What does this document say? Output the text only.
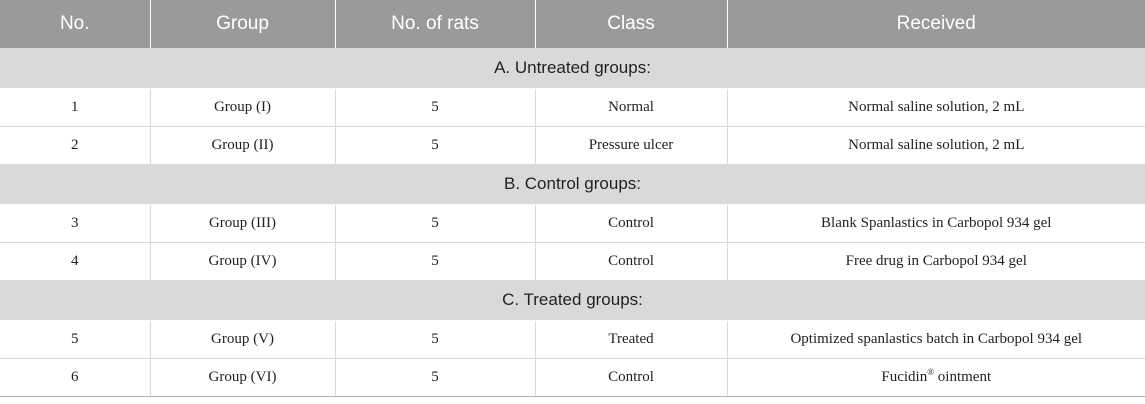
No.	Group	No. of rats	Class	Received
A. Untreated groups:				
1	Group (I)	5	Normal	Normal saline solution, 2 mL
2	Group (II)	5	Pressure ulcer	Normal saline solution, 2 mL
B. Control groups:				
3	Group (III)	5	Control	Blank Spanlastics in Carbopol 934 gel
4	Group (IV)	5	Control	Free drug in Carbopol 934 gel
C. Treated groups:				
5	Group (V)	5	Treated	Optimized spanlastics batch in Carbopol 934 gel
6	Group (VI)	5	Control	Fucidin® ointment
